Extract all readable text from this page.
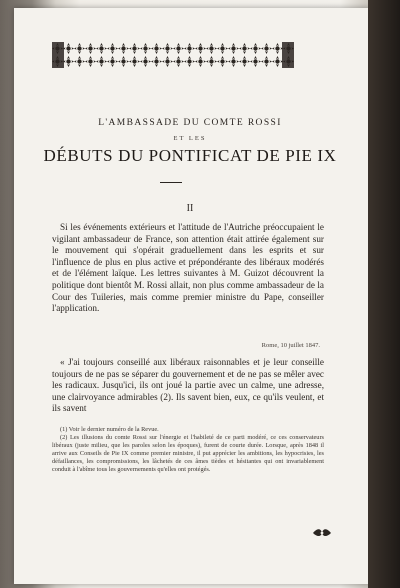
L'AMBASSADE DU COMTE ROSSI
ET LES
DÉBUTS DU PONTIFICAT DE PIE IX
II

Si les événements extérieurs et l'attitude de l'Autriche préoccupaient le vigilant ambassadeur de France, son attention était attirée également sur le mouvement qui s'opérait graduellement dans les esprits et sur l'influence de plus en plus active et prépondérante des libéraux modérés et de l'élément laïque. Les lettres suivantes à M. Guizot découvrent la politique dont bientôt M. Rossi allait, non plus comme ambassadeur de la Cour des Tuileries, mais comme premier ministre du Pape, conseiller l'application.

Rome, 10 juillet 1847.

« J'ai toujours conseillé aux libéraux raisonnables et je leur conseille toujours de ne pas se séparer du gouvernement et de ne pas se mêler avec les radicaux. Jusqu'ici, ils ont joué la partie avec un calme, une adresse, une clairvoyance admirables (2). Ils savent bien, eux, ce qu'ils veulent, et ils savent

(1) Voir le dernier numéro de la Revue.

(2) Les illusions du comte Rossi sur l'énergie et l'habileté de ce parti modéré, ce ces conservateurs libéraux (juste milieu, que les paroles selon les époques), furent de courte durée. Lorsque, après 1848 il arrive aux Conseils de Pie IX comme premier ministre, il put apprécier les ambitions, les hypocrisies, les défaillances, les compromissions, les lâchetés de ces âmes tièdes et hésitantes qui ont invariablement conduit à l'abîme tous les gouvernements qu'elles ont protégés.
